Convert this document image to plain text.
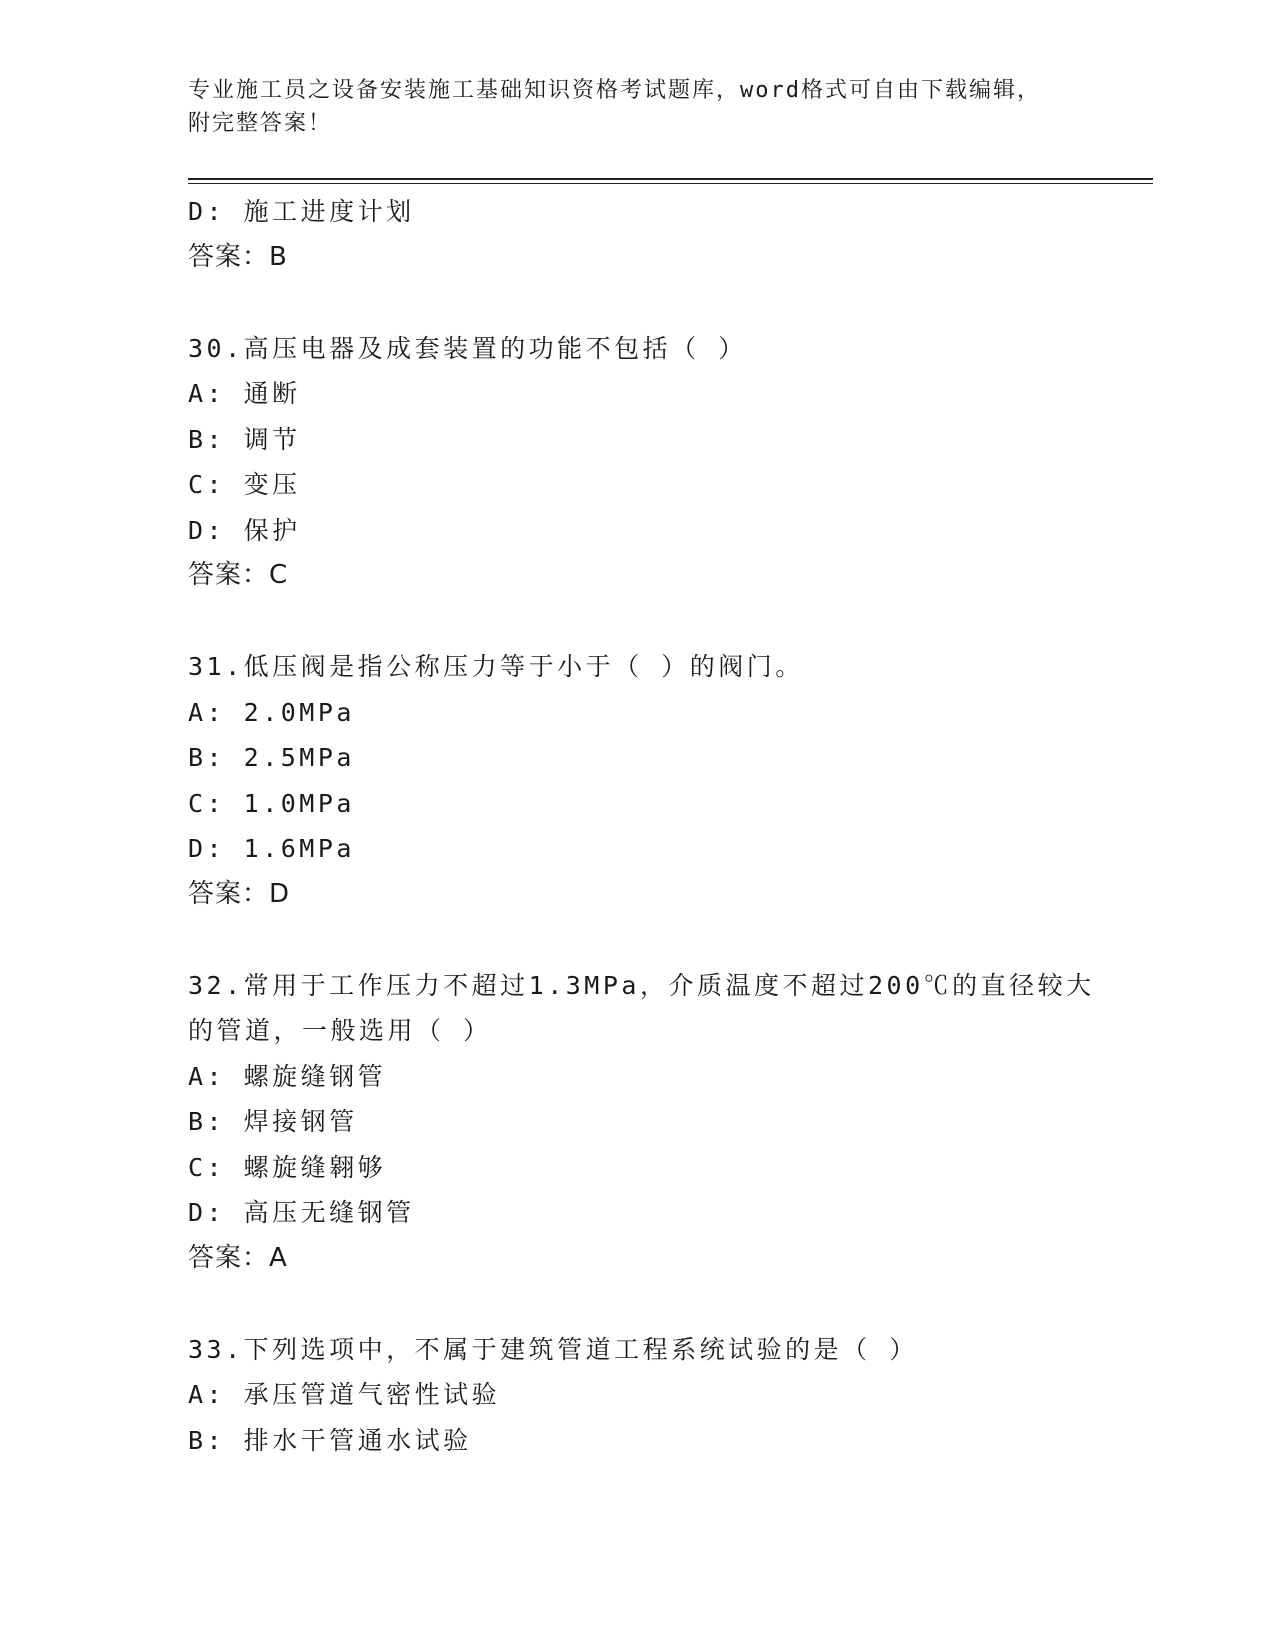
专业施工员之设备安装施工基础知识资格考试题库，word格式可自由下载编辑，
附完整答案！
D: 施工进度计划
答案：B
30.高压电器及成套装置的功能不包括（ ）
A: 通断
B: 调节
C: 变压
D: 保护
答案：C
31.低压阀是指公称压力等于小于（ ）的阀门。
A: 2.0MPa
B: 2.5MPa
C: 1.0MPa
D: 1.6MPa
答案：D
32.常用于工作压力不超过1.3MPa，介质温度不超过200℃的直径较大
的管道，一般选用（ ）
A: 螺旋缝钢管
B: 焊接钢管
C: 螺旋缝翱够
D: 高压无缝钢管
答案：A
33.下列选项中，不属于建筑管道工程系统试验的是（ ）
A: 承压管道气密性试验
B: 排水干管通水试验
